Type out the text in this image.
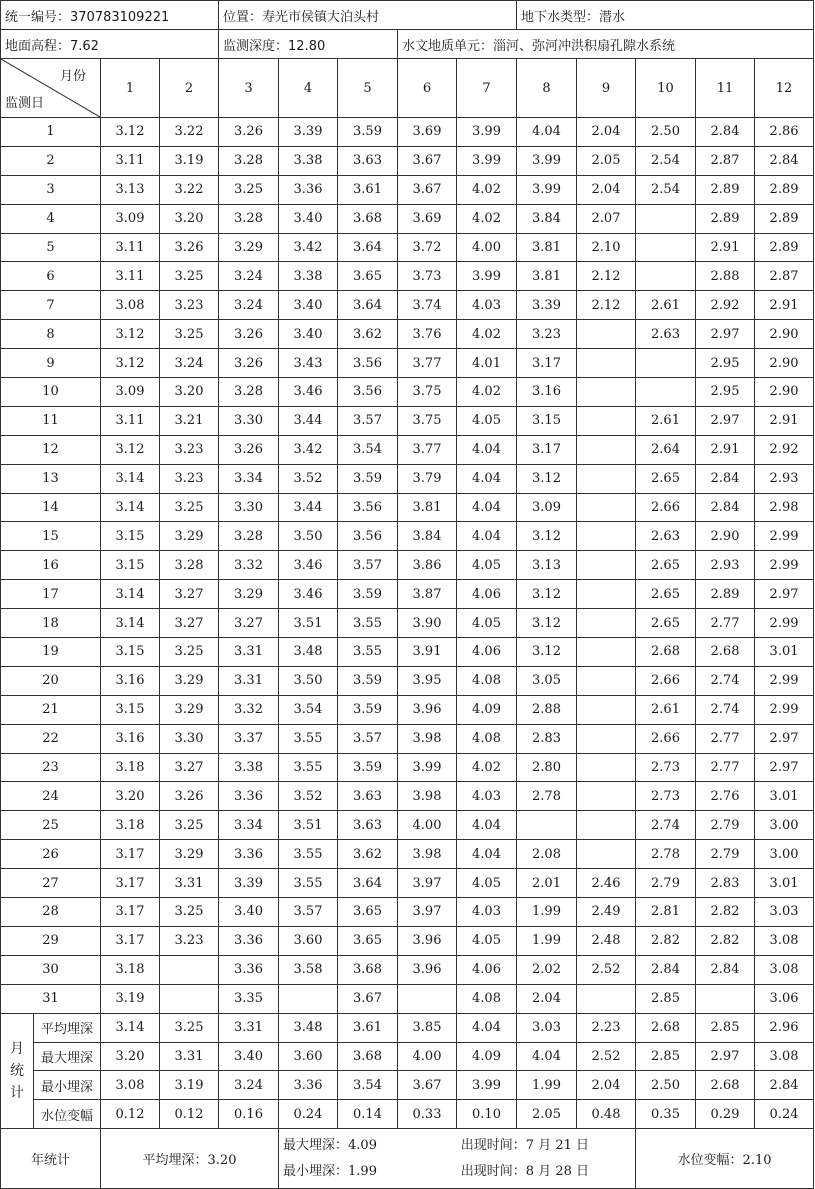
统一编号：370783109221				位置：寿光市侯镇大泊头村					地下水类型：潜水				
地面高程：7.62				监测深度：12.80			水文地质单元：淄河、弥河冲洪积扇孔隙水系统						

月份
监测日		1	2	3	4	5	6	7	8	9	10	11	12
1		3.12	3.22	3.26	3.39	3.59	3.69	3.99	4.04	2.04	2.50	2.84	2.86
2		3.11	3.19	3.28	3.38	3.63	3.67	3.99	3.99	2.05	2.54	2.87	2.84
3		3.13	3.22	3.25	3.36	3.61	3.67	4.02	3.99	2.04	2.54	2.89	2.89
4		3.09	3.20	3.28	3.40	3.68	3.69	4.02	3.84	2.07		2.89	2.89
5		3.11	3.26	3.29	3.42	3.64	3.72	4.00	3.81	2.10		2.91	2.89
6		3.11	3.25	3.24	3.38	3.65	3.73	3.99	3.81	2.12		2.88	2.87
7		3.08	3.23	3.24	3.40	3.64	3.74	4.03	3.39	2.12	2.61	2.92	2.91
8		3.12	3.25	3.26	3.40	3.62	3.76	4.02	3.23		2.63	2.97	2.90
9		3.12	3.24	3.26	3.43	3.56	3.77	4.01	3.17			2.95	2.90
10		3.09	3.20	3.28	3.46	3.56	3.75	4.02	3.16			2.95	2.90
11		3.11	3.21	3.30	3.44	3.57	3.75	4.05	3.15		2.61	2.97	2.91
12		3.12	3.23	3.26	3.42	3.54	3.77	4.04	3.17		2.64	2.91	2.92
13		3.14	3.23	3.34	3.52	3.59	3.79	4.04	3.12		2.65	2.84	2.93
14		3.14	3.25	3.30	3.44	3.56	3.81	4.04	3.09		2.66	2.84	2.98
15		3.15	3.29	3.28	3.50	3.56	3.84	4.04	3.12		2.63	2.90	2.99
16		3.15	3.28	3.32	3.46	3.57	3.86	4.05	3.13		2.65	2.93	2.99
17		3.14	3.27	3.29	3.46	3.59	3.87	4.06	3.12		2.65	2.89	2.97
18		3.14	3.27	3.27	3.51	3.55	3.90	4.05	3.12		2.65	2.77	2.99
19		3.15	3.25	3.31	3.48	3.55	3.91	4.06	3.12		2.68	2.68	3.01
20		3.16	3.29	3.31	3.50	3.59	3.95	4.08	3.05		2.66	2.74	2.99
21		3.15	3.29	3.32	3.54	3.59	3.96	4.09	2.88		2.61	2.74	2.99
22		3.16	3.30	3.37	3.55	3.57	3.98	4.08	2.83		2.66	2.77	2.97
23		3.18	3.27	3.38	3.55	3.59	3.99	4.02	2.80		2.73	2.77	2.97
24		3.20	3.26	3.36	3.52	3.63	3.98	4.03	2.78		2.73	2.76	3.01
25		3.18	3.25	3.34	3.51	3.63	4.00	4.04			2.74	2.79	3.00
26		3.17	3.29	3.36	3.55	3.62	3.98	4.04	2.08		2.78	2.79	3.00
27		3.17	3.31	3.39	3.55	3.64	3.97	4.05	2.01	2.46	2.79	2.83	3.01
28		3.17	3.25	3.40	3.57	3.65	3.97	4.03	1.99	2.49	2.81	2.82	3.03
29		3.17	3.23	3.36	3.60	3.65	3.96	4.05	1.99	2.48	2.82	2.82	3.08
30		3.18		3.36	3.58	3.68	3.96	4.06	2.02	2.52	2.84	2.84	3.08
31		3.19		3.35		3.67		4.08	2.04		2.85		3.06
月统计	平均埋深	3.14	3.25	3.31	3.48	3.61	3.85	4.04	3.03	2.23	2.68	2.85	2.96
	最大埋深	3.20	3.31	3.40	3.60	3.68	4.00	4.09	4.04	2.52	2.85	2.97	3.08
	最小埋深	3.08	3.19	3.24	3.36	3.54	3.67	3.99	1.99	2.04	2.50	2.68	2.84
	水位变幅	0.12	0.12	0.16	0.24	0.14	0.33	0.10	2.05	0.48	0.35	0.29	0.24
年统计		平均埋深：3.20			最大埋深：4.09 出现时间：7 月 21 日
最小埋深：1.99 出现时间：8 月 28 日						水位变幅：2.10		
